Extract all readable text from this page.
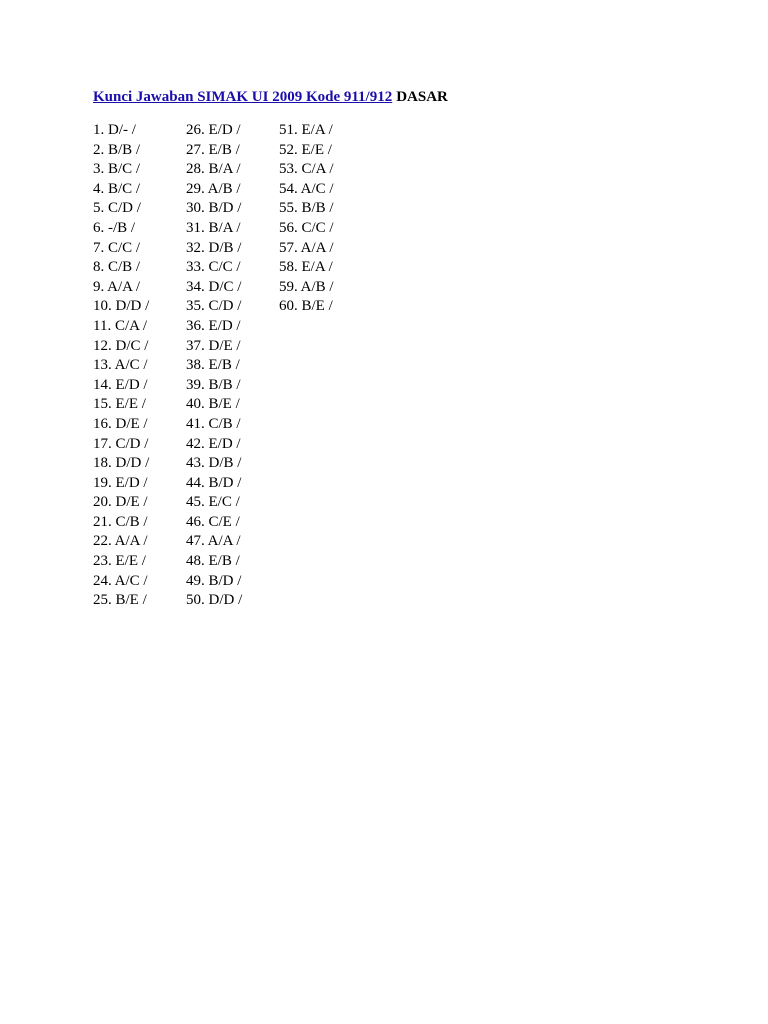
Kunci Jawaban SIMAK UI 2009 Kode 911/912 DASAR
1. D/- /
2. B/B /
3. B/C /
4. B/C /
5. C/D /
6. -/B /
7. C/C /
8. C/B /
9. A/A /
10. D/D /
11. C/A /
12. D/C /
13. A/C /
14. E/D /
15. E/E /
16. D/E /
17. C/D /
18. D/D /
19. E/D /
20. D/E /
21. C/B /
22. A/A /
23. E/E /
24. A/C /
25. B/E /
26. E/D /
27. E/B /
28. B/A /
29. A/B /
30. B/D /
31. B/A /
32. D/B /
33. C/C /
34. D/C /
35. C/D /
36. E/D /
37. D/E /
38. E/B /
39. B/B /
40. B/E /
41. C/B /
42. E/D /
43. D/B /
44. B/D /
45. E/C /
46. C/E /
47. A/A /
48. E/B /
49. B/D /
50. D/D /
51. E/A /
52. E/E /
53. C/A /
54. A/C /
55. B/B /
56. C/C /
57. A/A /
58. E/A /
59. A/B /
60. B/E /
